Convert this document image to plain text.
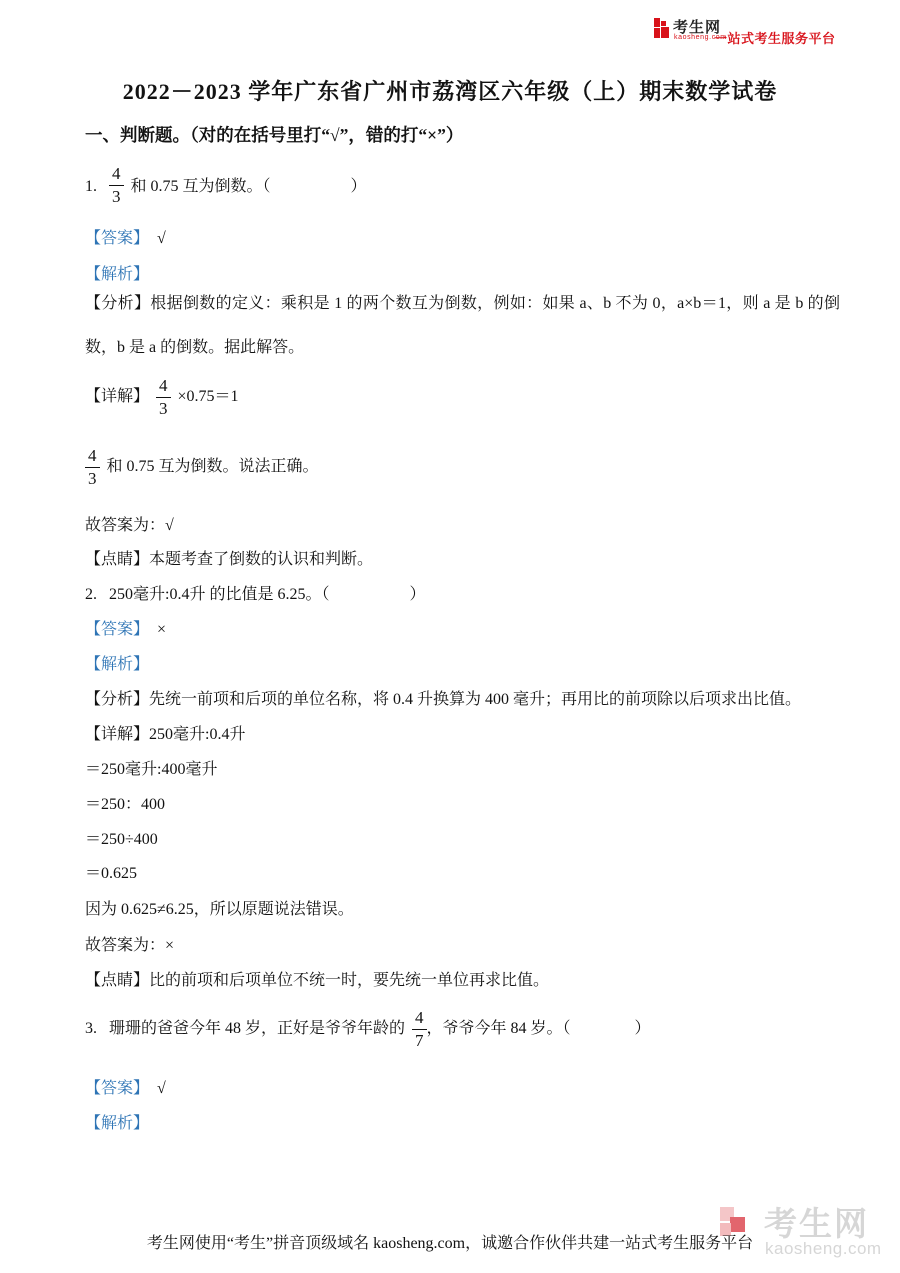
考生网
kaosheng.com
一站式考生服务平台
2022－2023 学年广东省广州市荔湾区六年级（上）期末数学试卷
一、判断题。（对的在括号里打“√”，错的打“×”）
1. $\frac{4}{3}$ 和 0.75 互为倒数。（　　　　　）
【答案】 √
【解析】
【分析】根据倒数的定义：乘积是 1 的两个数互为倒数，例如：如果 a、b 不为 0，a×b＝1，则 a 是 b 的倒数，b 是 a 的倒数。据此解答。
【详解】 $\frac{4}{3} \times 0.75=1$
$\frac{4}{3}$ 和 0.75 互为倒数。说法正确。
故答案为：√
【点睛】本题考查了倒数的认识和判断。
2. 250毫升:0.4升 的比值是 6.25。（　　　　　）
【答案】 ×
【解析】
【分析】先统一前项和后项的单位名称，将 0.4 升换算为 400 毫升；再用比的前项除以后项求出比值。
【详解】250毫升:0.4升
＝250毫升:400毫升
＝250：400
＝250÷400
＝0.625
因为 0.625≠6.25，所以原题说法错误。
故答案为：×
【点睛】比的前项和后项单位不统一时，要先统一单位再求比值。
3. 珊珊的爸爸今年 48 岁，正好是爷爷年龄的 $\frac{4}{7}$ ，爷爷今年 84 岁。（　　　　）
【答案】 √
【解析】
考生网
kaosheng.com
考生网使用“考生”拼音顶级域名 kaosheng.com，诚邀合作伙伴共建一站式考生服务平台
